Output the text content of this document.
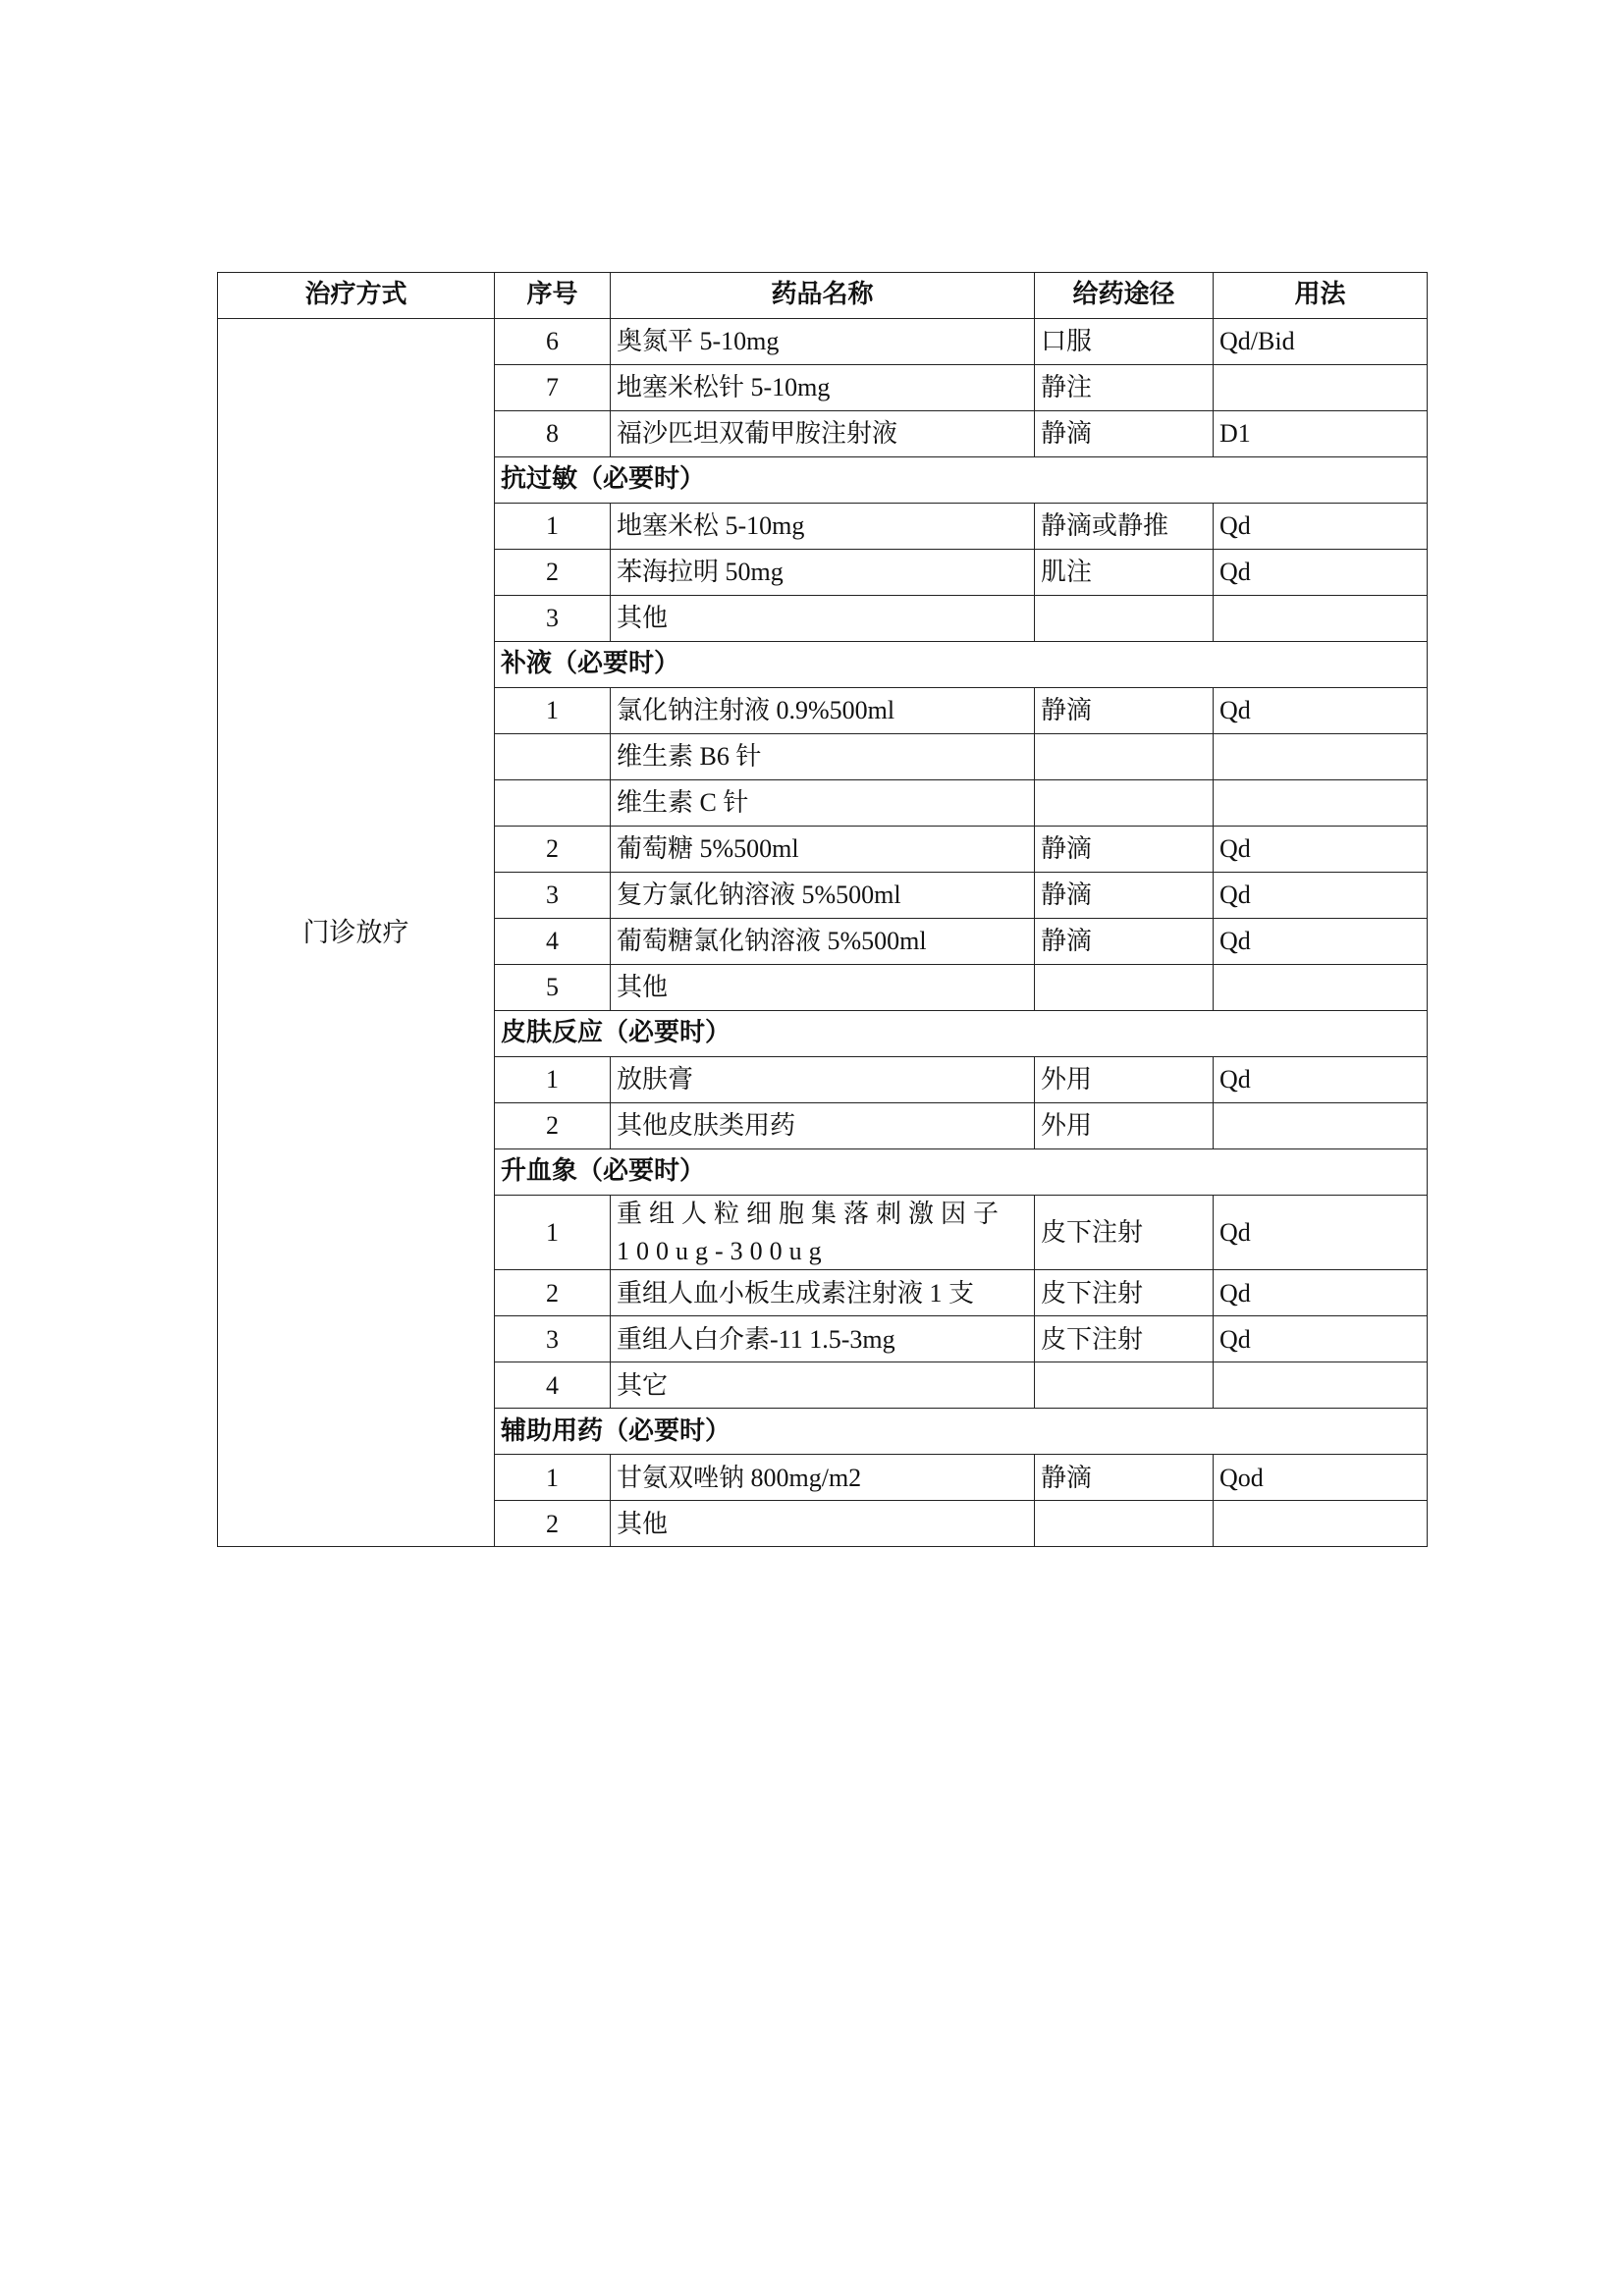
治疗方式	序号	药品名称	给药途径	用法
门诊放疗	6	奥氮平 5-10mg	口服	Qd/Bid
	7	地塞米松针 5-10mg	静注	
	8	福沙匹坦双葡甲胺注射液	静滴	D1
	抗过敏（必要时）			
	1	地塞米松 5-10mg	静滴或静推	Qd
	2	苯海拉明 50mg	肌注	Qd
	3	其他		
	补液（必要时）			
	1	氯化钠注射液 0.9%500ml	静滴	Qd
		维生素 B6 针		
		维生素 C 针		
	2	葡萄糖 5%500ml	静滴	Qd
	3	复方氯化钠溶液 5%500ml	静滴	Qd
	4	葡萄糖氯化钠溶液 5%500ml	静滴	Qd
	5	其他		
	皮肤反应（必要时）			
	1	放肤膏	外用	Qd
	2	其他皮肤类用药	外用	
	升血象（必要时）			
	1	重组人粒细胞集落刺激因子 100ug-300ug	皮下注射	Qd
	2	重组人血小板生成素注射液 1 支	皮下注射	Qd
	3	重组人白介素-11 1.5-3mg	皮下注射	Qd
	4	其它		
	辅助用药（必要时）			
	1	甘氨双唑钠 800mg/m2	静滴	Qod
	2	其他		
